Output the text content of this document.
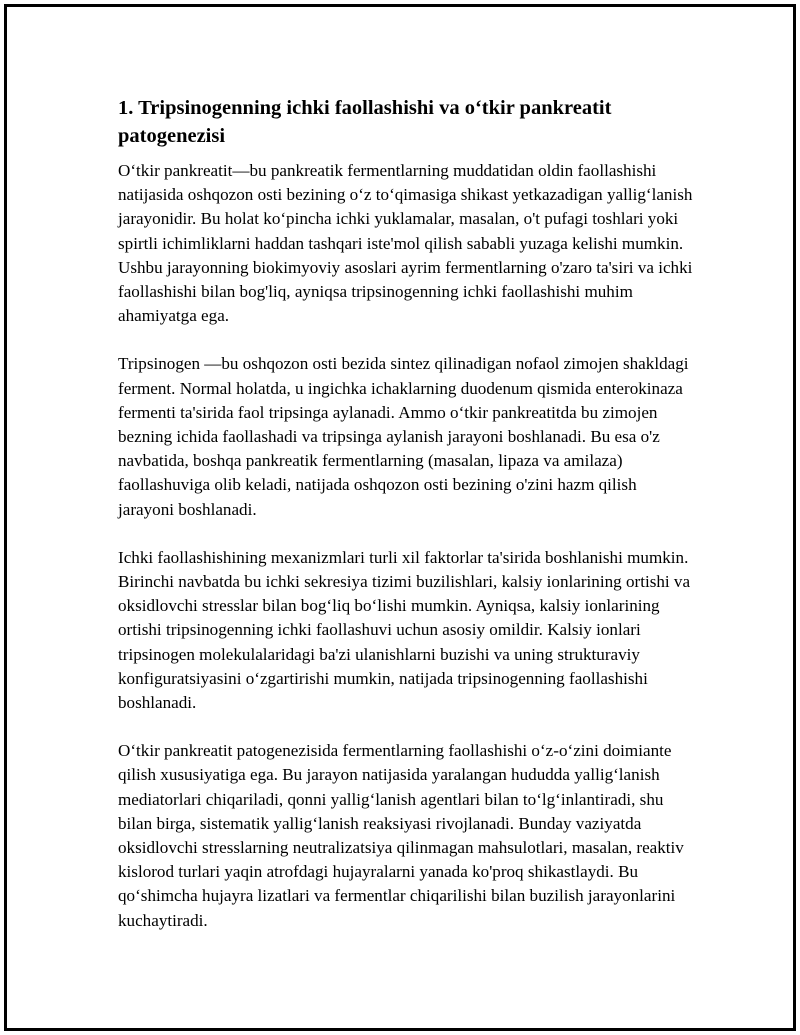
1. Tripsinogenning ichki faollashishi va o‘tkir pankreatit patogenezisi

O‘tkir pankreatit—bu pankreatik fermentlarning muddatidan oldin faollashishi natijasida oshqozon osti bezining o‘z to‘qimasiga shikast yetkazadigan yallig‘lanish jarayonidir. Bu holat ko‘pincha ichki yuklamalar, masalan, o't pufagi toshlari yoki spirtli ichimliklarni haddan tashqari iste'mol qilish sababli yuzaga kelishi mumkin. Ushbu jarayonning biokimyoviy asoslari ayrim fermentlarning o'zaro ta'siri va ichki faollashishi bilan bog'liq, ayniqsa tripsinogenning ichki faollashishi muhim ahamiyatga ega.

Tripsinogen —bu oshqozon osti bezida sintez qilinadigan nofaol zimojen shakldagi ferment. Normal holatda, u ingichka ichaklarning duodenum qismida enterokinaza fermenti ta'sirida faol tripsinga aylanadi. Ammo o‘tkir pankreatitda bu zimojen bezning ichida faollashadi va tripsinga aylanish jarayoni boshlanadi. Bu esa o'z navbatida, boshqa pankreatik fermentlarning (masalan, lipaza va amilaza) faollashuviga olib keladi, natijada oshqozon osti bezining o'zini hazm qilish jarayoni boshlanadi.

Ichki faollashishining mexanizmlari turli xil faktorlar ta'sirida boshlanishi mumkin. Birinchi navbatda bu ichki sekresiya tizimi buzilishlari, kalsiy ionlarining ortishi va oksidlovchi stresslar bilan bog‘liq bo‘lishi mumkin. Ayniqsa, kalsiy ionlarining ortishi tripsinogenning ichki faollashuvi uchun asosiy omildir. Kalsiy ionlari tripsinogen molekulalaridagi ba'zi ulanishlarni buzishi va uning strukturaviy konfiguratsiyasini o‘zgartirishi mumkin, natijada tripsinogenning faollashishi boshlanadi.

O‘tkir pankreatit patogenezisida fermentlarning faollashishi o‘z-o‘zini doimiante qilish xususiyatiga ega. Bu jarayon natijasida yaralangan hududda yallig‘lanish mediatorlari chiqariladi, qonni yallig‘lanish agentlari bilan to‘lg‘inlantiradi, shu bilan birga, sistematik yallig‘lanish reaksiyasi rivojlanadi. Bunday vaziyatda oksidlovchi stresslarning neutralizatsiya qilinmagan mahsulotlari, masalan, reaktiv kislorod turlari yaqin atrofdagi hujayralarni yanada ko'proq shikastlaydi. Bu qo‘shimcha hujayra lizatlari va fermentlar chiqarilishi bilan buzilish jarayonlarini kuchaytiradi.
